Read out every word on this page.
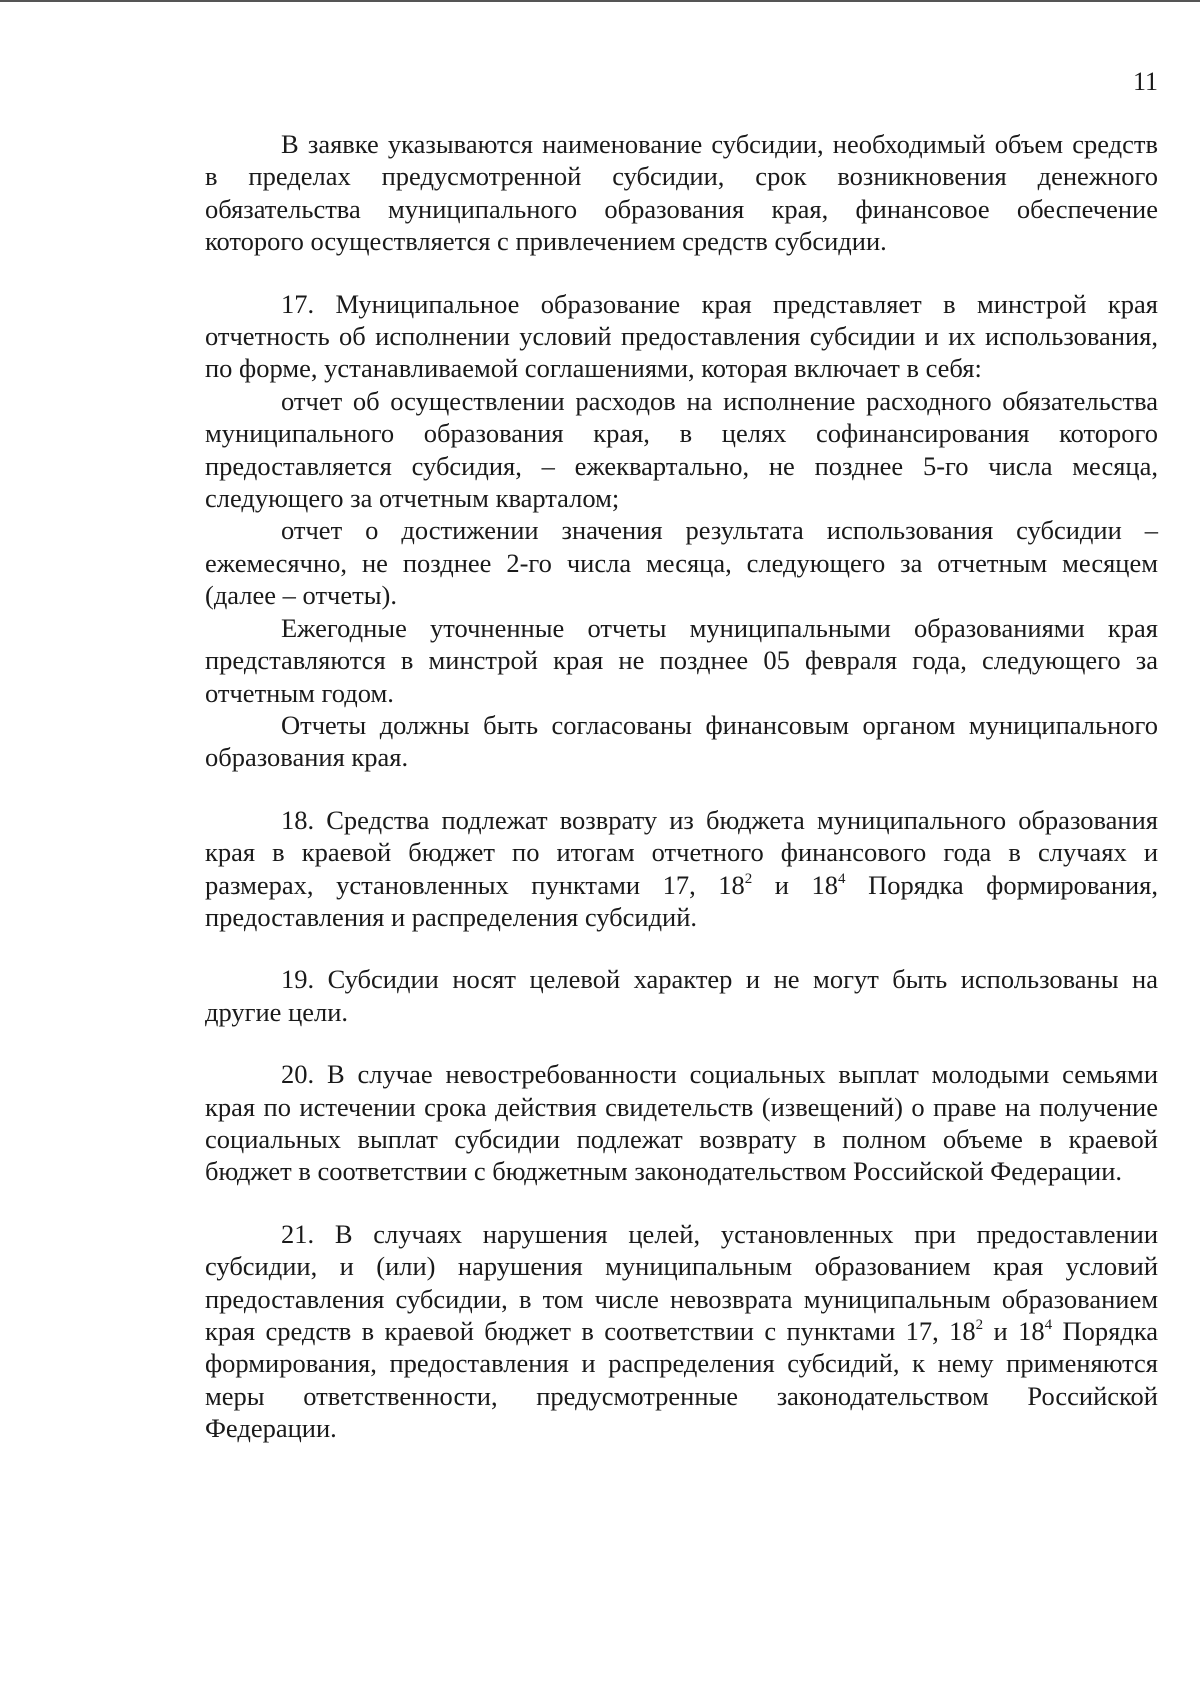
11

В заявке указываются наименование субсидии, необходимый объем средств в пределах предусмотренной субсидии, срок возникновения денежного обязательства муниципального образования края, финансовое обеспечение которого осуществляется с привлечением средств субсидии.

17. Муниципальное образование края представляет в минстрой края отчетность об исполнении условий предоставления субсидии и их использования, по форме, устанавливаемой соглашениями, которая включает в себя:

отчет об осуществлении расходов на исполнение расходного обязательства муниципального образования края, в целях софинансирования которого предоставляется субсидия, – ежеквартально, не позднее 5-го числа месяца, следующего за отчетным кварталом;

отчет о достижении значения результата использования субсидии – ежемесячно, не позднее 2-го числа месяца, следующего за отчетным месяцем (далее – отчеты).

Ежегодные уточненные отчеты муниципальными образованиями края представляются в минстрой края не позднее 05 февраля года, следующего за отчетным годом.

Отчеты должны быть согласованы финансовым органом муниципального образования края.

18. Средства подлежат возврату из бюджета муниципального образования края в краевой бюджет по итогам отчетного финансового года в случаях и размерах, установленных пунктами 17, $18^2$ и $18^4$ Порядка формирования, предоставления и распределения субсидий.

19. Субсидии носят целевой характер и не могут быть использованы на другие цели.

20. В случае невостребованности социальных выплат молодыми семьями края по истечении срока действия свидетельств (извещений) о праве на получение социальных выплат субсидии подлежат возврату в полном объеме в краевой бюджет в соответствии с бюджетным законодательством Российской Федерации.

21. В случаях нарушения целей, установленных при предоставлении субсидии, и (или) нарушения муниципальным образованием края условий предоставления субсидии, в том числе невозврата муниципальным образованием края средств в краевой бюджет в соответствии с пунктами 17, $18^2$ и $18^4$ Порядка формирования, предоставления и распределения субсидий, к нему применяются меры ответственности, предусмотренные законодательством Российской Федерации.
